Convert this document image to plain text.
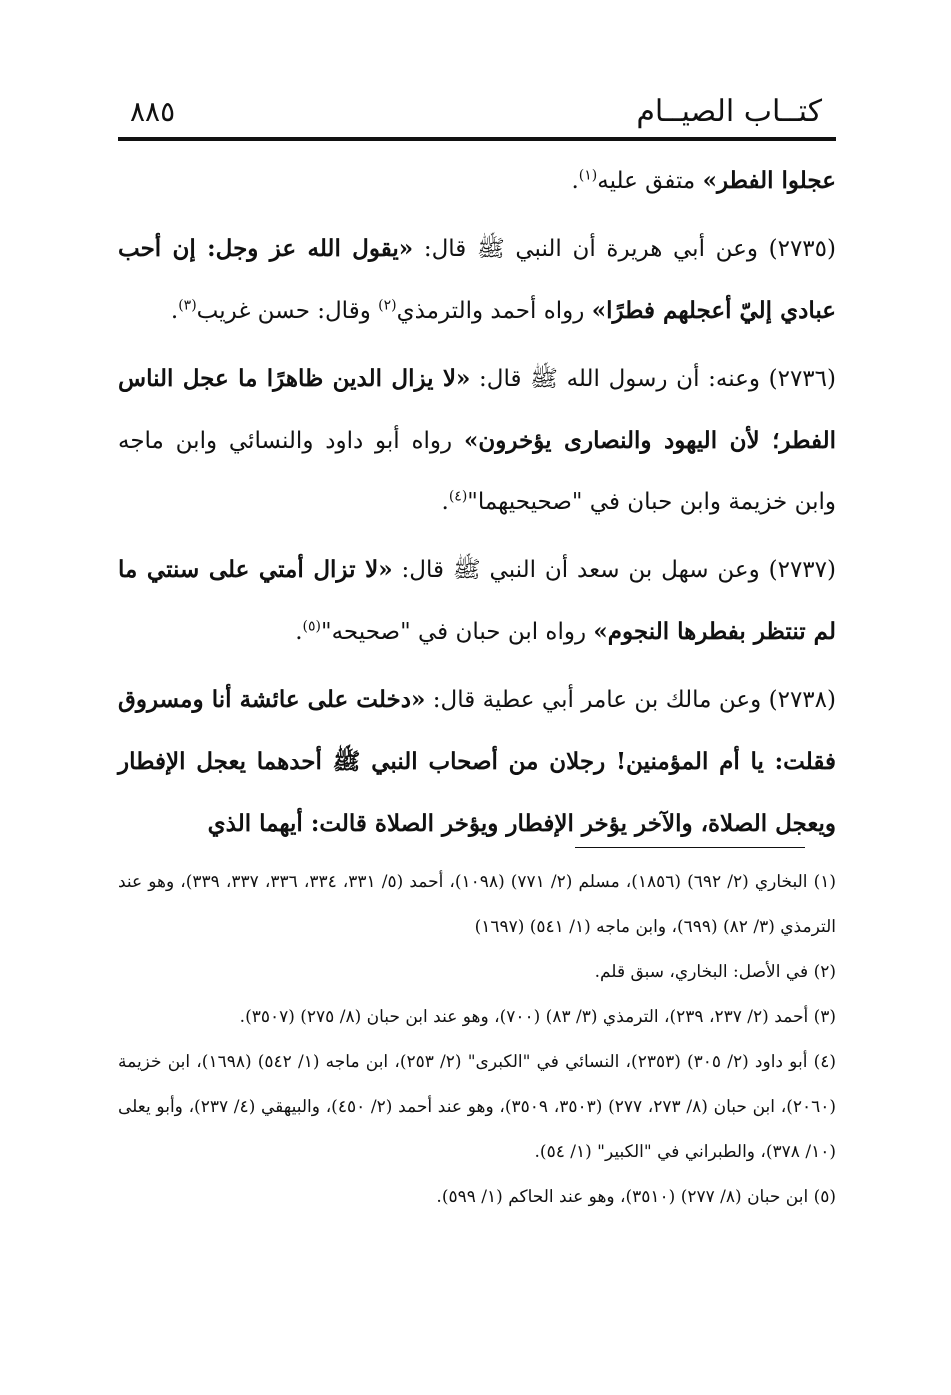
كتــاب الصيــام
٨٨٥

عجلوا الفطر» متفق عليه$^{(١)}$.

(٢٧٣٥) وعن أبي هريرة أن النبي ﷺ قال: «يقول الله عز وجل: إن أحب عبادي إليّ أعجلهم فطرًا» رواه أحمد والترمذي$^{(٢)}$ وقال: حسن غريب$^{(٣)}$.

(٢٧٣٦) وعنه: أن رسول الله ﷺ قال: «لا يزال الدين ظاهرًا ما عجل الناس الفطر؛ لأن اليهود والنصارى يؤخرون» رواه أبو داود والنسائي وابن ماجه وابن خزيمة وابن حبان في "صحيحيهما"$^{(٤)}$.

(٢٧٣٧) وعن سهل بن سعد أن النبي ﷺ قال: «لا تزال أمتي على سنتي ما لم تنتظر بفطرها النجوم» رواه ابن حبان في "صحيحه"$^{(٥)}$.

(٢٧٣٨) وعن مالك بن عامر أبي عطية قال: «دخلت على عائشة أنا ومسروق فقلت: يا أم المؤمنين! رجلان من أصحاب النبي ﷺ أحدهما يعجل الإفطار ويعجل الصلاة، والآخر يؤخر الإفطار ويؤخر الصلاة قالت: أيهما الذي

(١) البخاري (٢/ ٦٩٢) (١٨٥٦)، مسلم (٢/ ٧٧١) (١٠٩٨)، أحمد (٥/ ٣٣١، ٣٣٤، ٣٣٦، ٣٣٧، ٣٣٩)، وهو عند الترمذي (٣/ ٨٢) (٦٩٩)، وابن ماجه (١/ ٥٤١) (١٦٩٧)

(٢) في الأصل: البخاري، سبق قلم.

(٣) أحمد (٢/ ٢٣٧، ٢٣٩)، الترمذي (٣/ ٨٣) (٧٠٠)، وهو عند ابن حبان (٨/ ٢٧٥) (٣٥٠٧).

(٤) أبو داود (٢/ ٣٠٥) (٢٣٥٣)، النسائي في "الكبرى" (٢/ ٢٥٣)، ابن ماجه (١/ ٥٤٢) (١٦٩٨)، ابن خزيمة (٢٠٦٠)، ابن حبان (٨/ ٢٧٣، ٢٧٧) (٣٥٠٣، ٣٥٠٩)، وهو عند أحمد (٢/ ٤٥٠)، والبيهقي (٤/ ٢٣٧)، وأبو يعلى (١٠/ ٣٧٨)، والطبراني في "الكبير" (١/ ٥٤).

(٥) ابن حبان (٨/ ٢٧٧) (٣٥١٠)، وهو عند الحاكم (١/ ٥٩٩).
